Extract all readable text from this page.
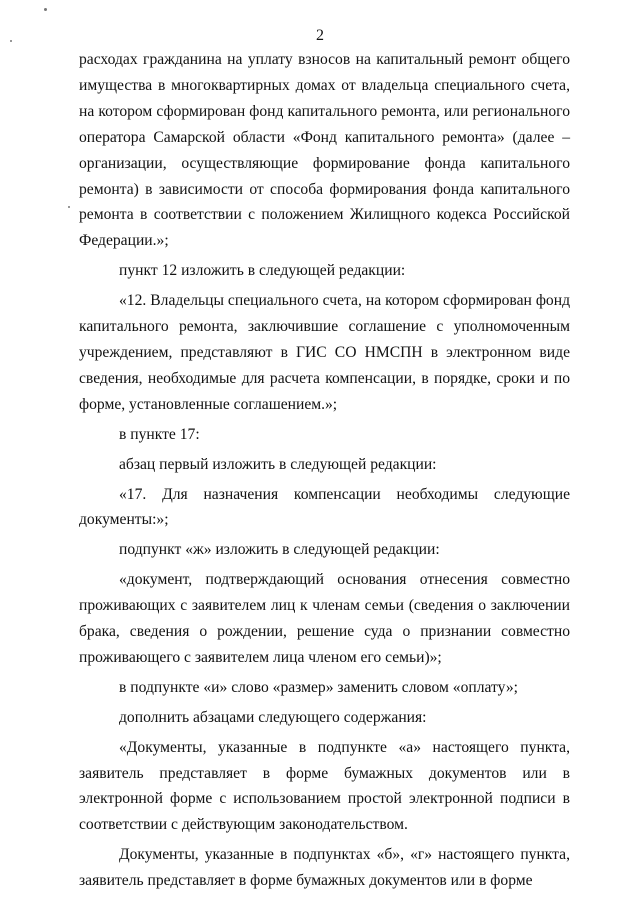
2

расходах гражданина на уплату взносов на капитальный ремонт общего имущества в многоквартирных домах от владельца специального счета, на котором сформирован фонд капитального ремонта, или регионального оператора Самарской области «Фонд капитального ремонта» (далее – организации, осуществляющие формирование фонда капитального ремонта) в зависимости от способа формирования фонда капитального ремонта в соответствии с положением Жилищного кодекса Российской Федерации.»;

пункт 12 изложить в следующей редакции:

«12. Владельцы специального счета, на котором сформирован фонд капитального ремонта, заключившие соглашение с уполномоченным учреждением, представляют в ГИС СО НМСПН в электронном виде сведения, необходимые для расчета компенсации, в порядке, сроки и по форме, установленные соглашением.»;

в пункте 17:

абзац первый изложить в следующей редакции:

«17. Для назначения компенсации необходимы следующие документы:»;

подпункт «ж» изложить в следующей редакции:

«документ, подтверждающий основания отнесения совместно проживающих с заявителем лиц к членам семьи (сведения о заключении брака, сведения о рождении, решение суда о признании совместно проживающего с заявителем лица членом его семьи)»;

в подпункте «и» слово «размер» заменить словом «оплату»;

дополнить абзацами следующего содержания:

«Документы, указанные в подпункте «а» настоящего пункта, заявитель представляет в форме бумажных документов или в электронной форме с использованием простой электронной подписи в соответствии с действующим законодательством.

Документы, указанные в подпунктах «б», «г» настоящего пункта, заявитель представляет в форме бумажных документов или в форме
